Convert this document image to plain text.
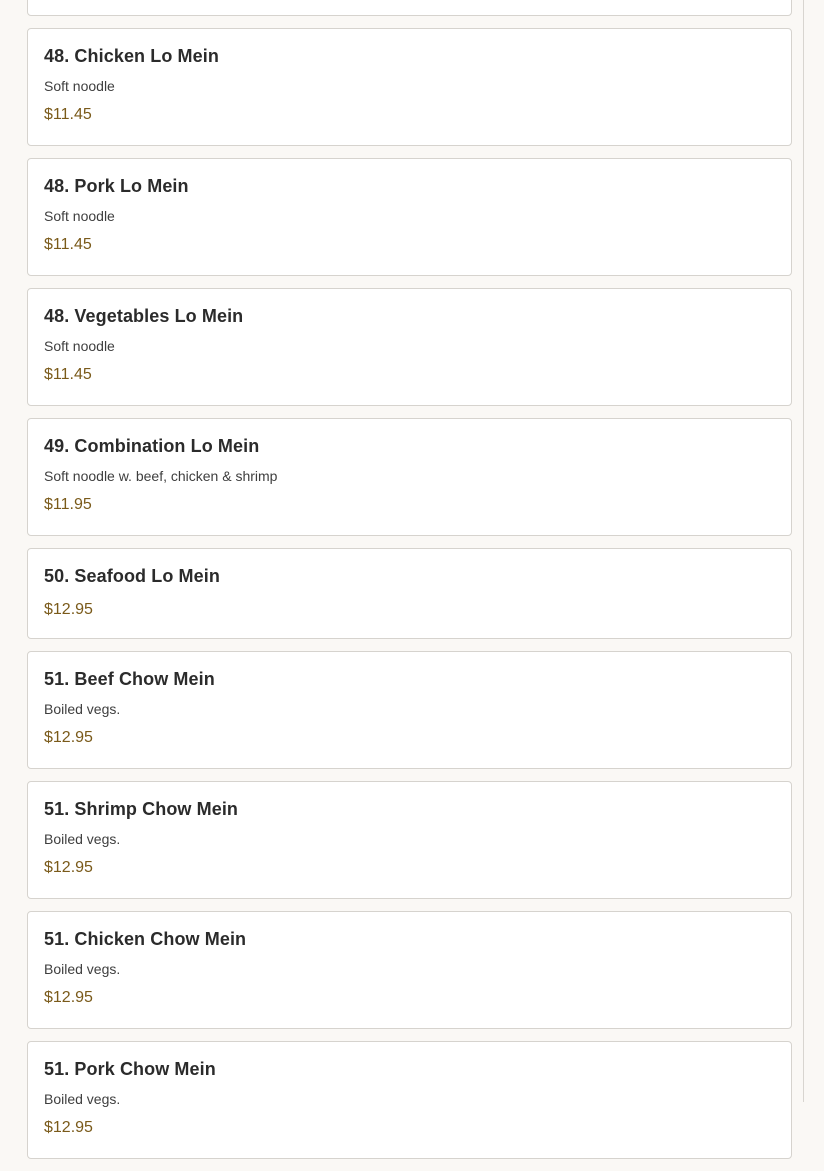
48. Chicken Lo Mein

Soft noodle

$11.45

48. Pork Lo Mein

Soft noodle

$11.45

48. Vegetables Lo Mein

Soft noodle

$11.45

49. Combination Lo Mein

Soft noodle w. beef, chicken & shrimp

$11.95

50. Seafood Lo Mein

$12.95

51. Beef Chow Mein

Boiled vegs.

$12.95

51. Shrimp Chow Mein

Boiled vegs.

$12.95

51. Chicken Chow Mein

Boiled vegs.

$12.95

51. Pork Chow Mein

Boiled vegs.

$12.95
